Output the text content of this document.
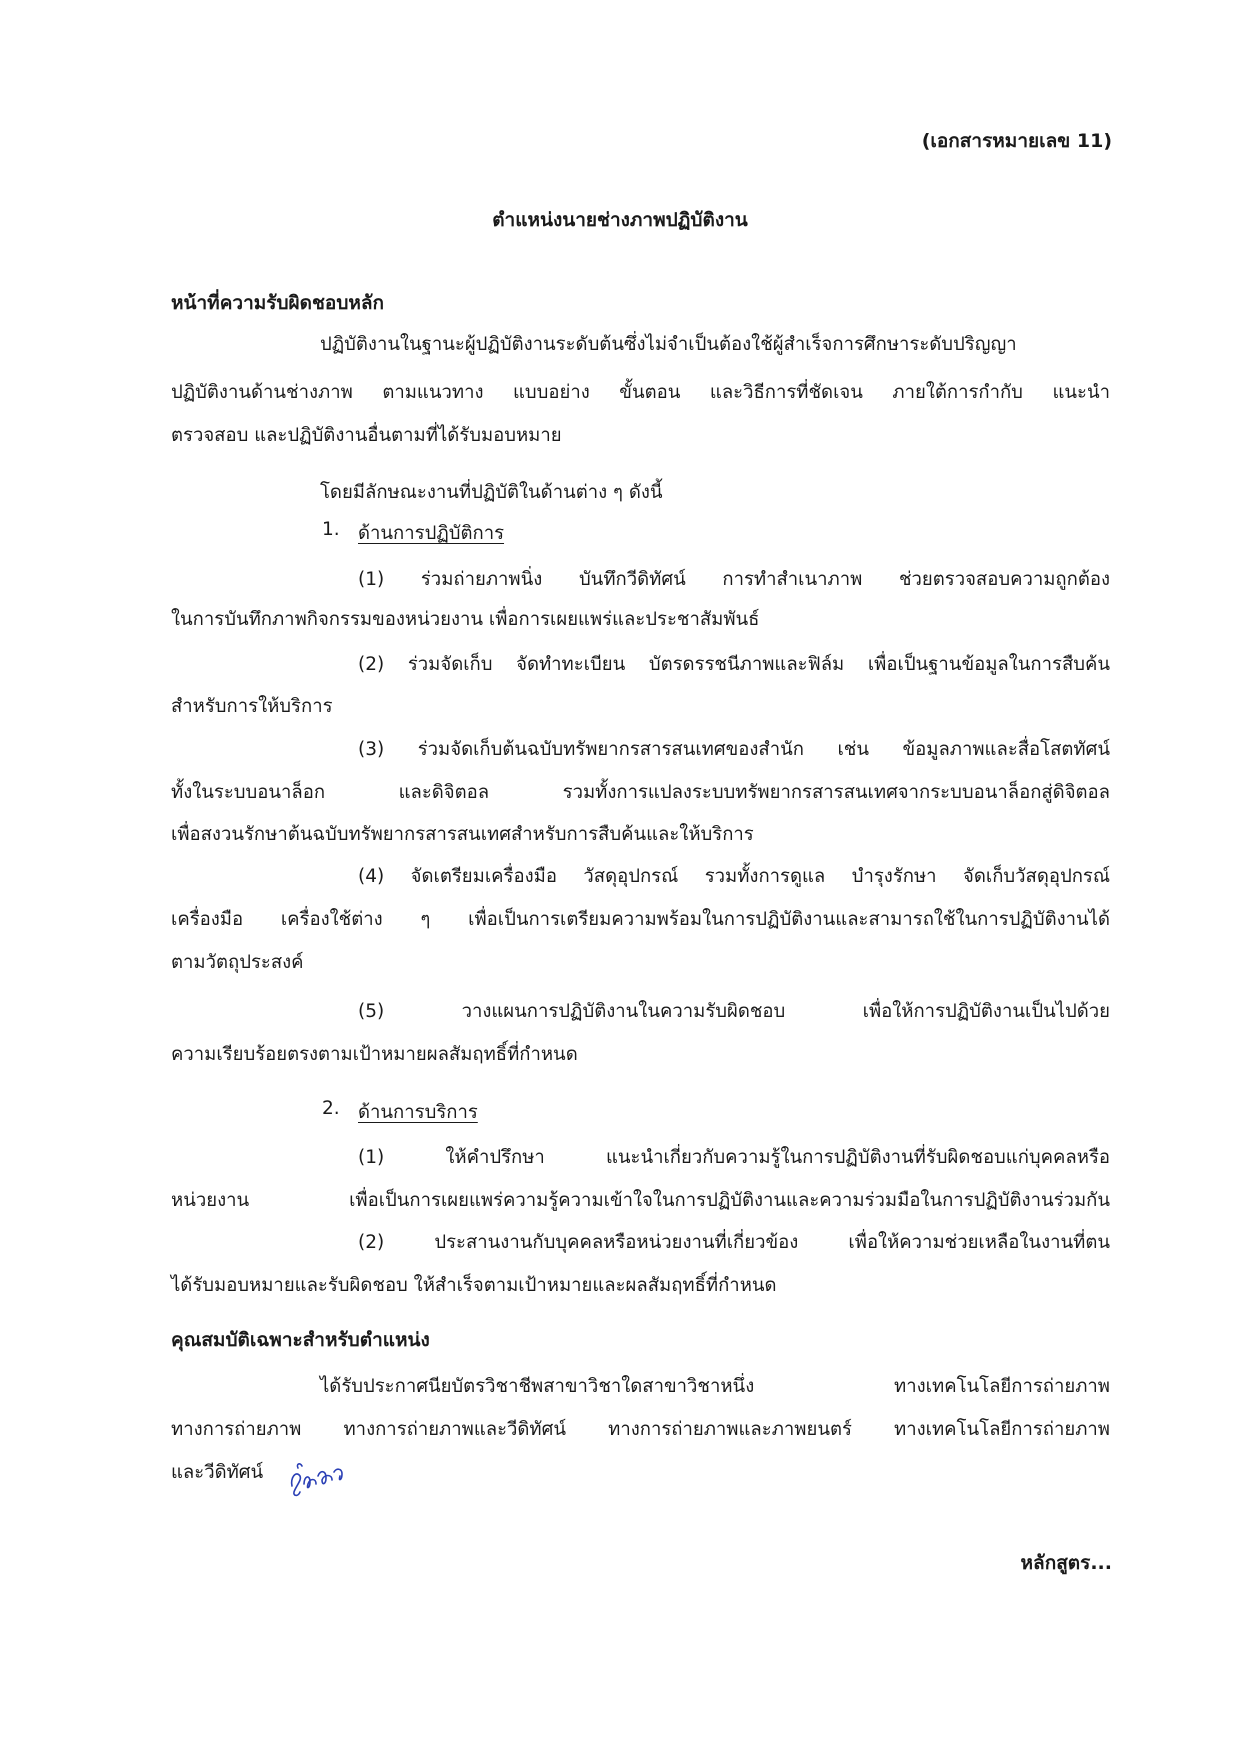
(เอกสารหมายเลข 11)
ตำแหน่งนายช่างภาพปฏิบัติงาน
หน้าที่ความรับผิดชอบหลัก
ปฏิบัติงานในฐานะผู้ปฏิบัติงานระดับต้นซึ่งไม่จำเป็นต้องใช้ผู้สำเร็จการศึกษาระดับปริญญา
ปฏิบัติงานด้านช่างภาพ ตามแนวทาง แบบอย่าง ขั้นตอน และวิธีการที่ชัดเจน ภายใต้การกำกับ แนะนำ
ตรวจสอบ และปฏิบัติงานอื่นตามที่ได้รับมอบหมาย
โดยมีลักษณะงานที่ปฏิบัติในด้านต่าง ๆ ดังนี้
1. ด้านการปฏิบัติการ
(1) ร่วมถ่ายภาพนิ่ง บันทึกวีดิทัศน์ การทำสำเนาภาพ ช่วยตรวจสอบความถูกต้อง
ในการบันทึกภาพกิจกรรมของหน่วยงาน เพื่อการเผยแพร่และประชาสัมพันธ์
(2) ร่วมจัดเก็บ จัดทำทะเบียน บัตรดรรชนีภาพและฟิล์ม เพื่อเป็นฐานข้อมูลในการสืบค้น
สำหรับการให้บริการ
(3) ร่วมจัดเก็บต้นฉบับทรัพยากรสารสนเทศของสำนัก เช่น ข้อมูลภาพและสื่อโสตทัศน์
ทั้งในระบบอนาล็อก และดิจิตอล รวมทั้งการแปลงระบบทรัพยากรสารสนเทศจากระบบอนาล็อกสู่ดิจิตอล
เพื่อสงวนรักษาต้นฉบับทรัพยากรสารสนเทศสำหรับการสืบค้นและให้บริการ
(4) จัดเตรียมเครื่องมือ วัสดุอุปกรณ์ รวมทั้งการดูแล บำรุงรักษา จัดเก็บวัสดุอุปกรณ์
เครื่องมือ เครื่องใช้ต่าง ๆ เพื่อเป็นการเตรียมความพร้อมในการปฏิบัติงานและสามารถใช้ในการปฏิบัติงานได้
ตามวัตถุประสงค์
(5) วางแผนการปฏิบัติงานในความรับผิดชอบ เพื่อให้การปฏิบัติงานเป็นไปด้วย
ความเรียบร้อยตรงตามเป้าหมายผลสัมฤทธิ์ที่กำหนด
2. ด้านการบริการ
(1) ให้คำปรึกษา แนะนำเกี่ยวกับความรู้ในการปฏิบัติงานที่รับผิดชอบแก่บุคคลหรือ
หน่วยงาน เพื่อเป็นการเผยแพร่ความรู้ความเข้าใจในการปฏิบัติงานและความร่วมมือในการปฏิบัติงานร่วมกัน
(2) ประสานงานกับบุคคลหรือหน่วยงานที่เกี่ยวข้อง เพื่อให้ความช่วยเหลือในงานที่ตน
ได้รับมอบหมายและรับผิดชอบ ให้สำเร็จตามเป้าหมายและผลสัมฤทธิ์ที่กำหนด
คุณสมบัติเฉพาะสำหรับตำแหน่ง
ได้รับประกาศนียบัตรวิชาชีพสาขาวิชาใดสาขาวิชาหนึ่ง ทางเทคโนโลยีการถ่ายภาพ
ทางการถ่ายภาพ ทางการถ่ายภาพและวีดิทัศน์ ทางการถ่ายภาพและภาพยนตร์ ทางเทคโนโลยีการถ่ายภาพ
และวีดิทัศน์
หลักสูตร...
